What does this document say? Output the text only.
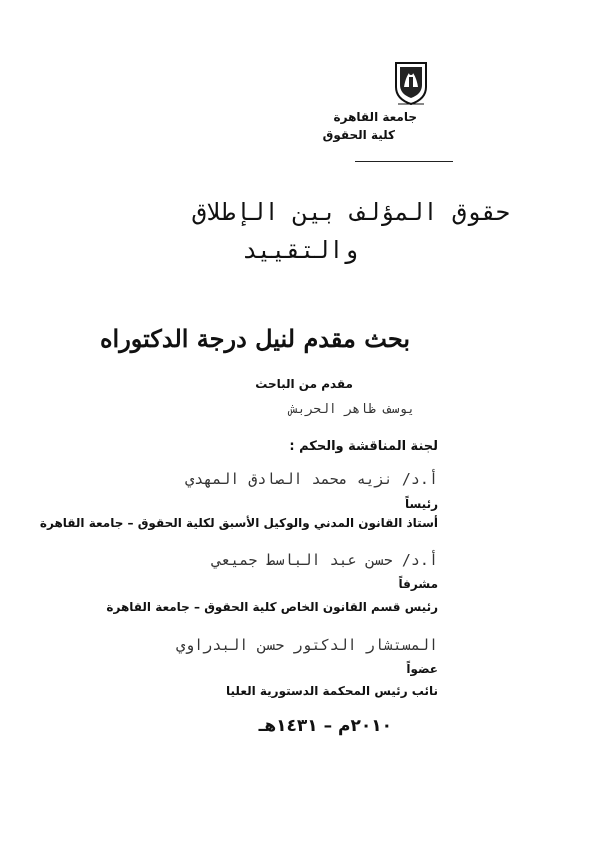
جامعة القاهرة
كلية الحقوق
حقوق المؤلف بين الإطلاق
والتقييد
بحث مقدم لنيل درجة الدكتوراه
مقدم من الباحث
يوسف ظاهر الحربش
لجنة المناقشة والحكم :
أ.د/ نزيه محمد الصادق المهدي
رئيساً
أستاذ القانون المدني والوكيل الأسبق لكلية الحقوق – جامعة القاهرة
أ.د/ حسن عبد الباسط جميعي
مشرفاً
رئيس قسم القانون الخاص كلية الحقوق – جامعة القاهرة
المستشار الدكتور حسن البدراوي
عضواً
نائب رئيس المحكمة الدستورية العليا
٢٠١٠م – ١٤٣١هـ
